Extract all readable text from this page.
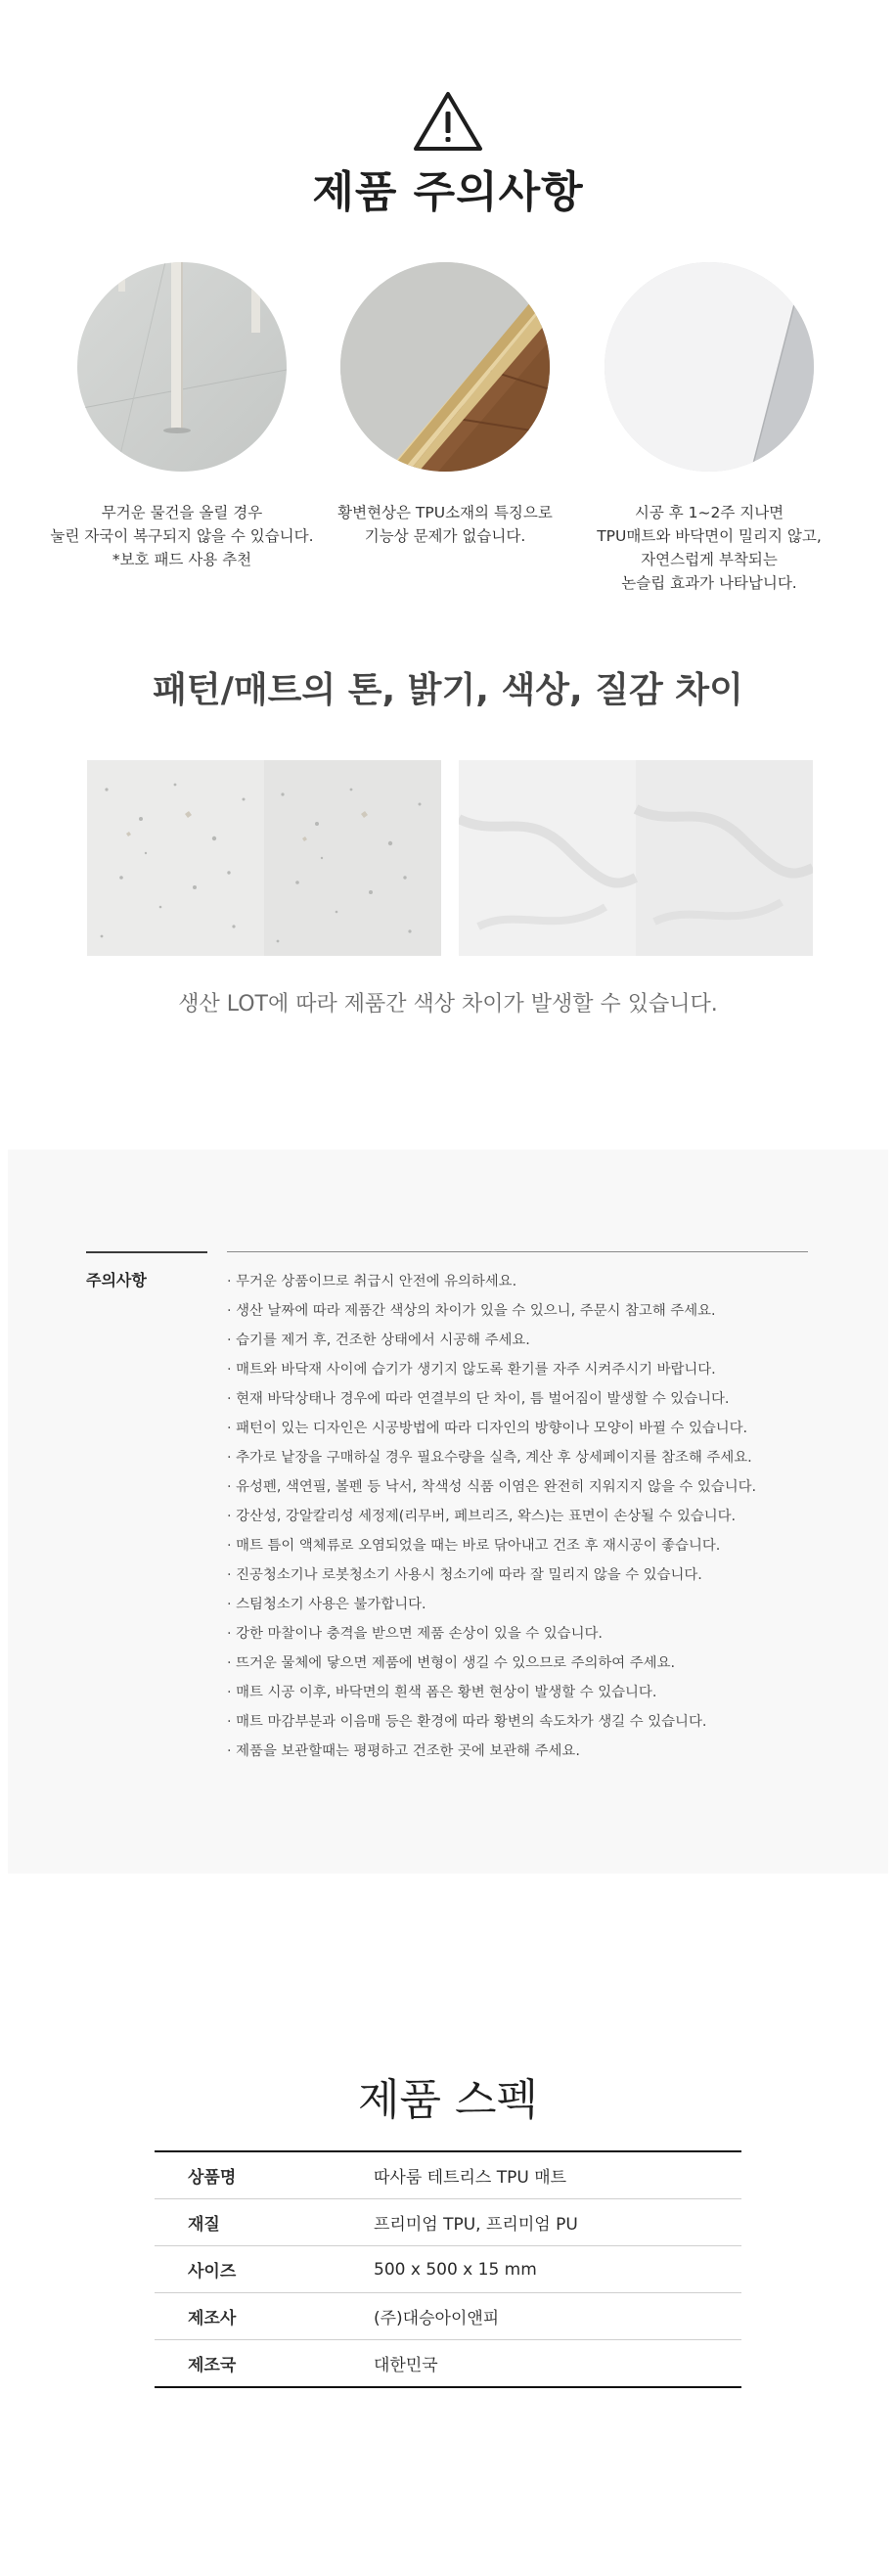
제품 주의사항
무거운 물건을 올릴 경우
눌린 자국이 복구되지 않을 수 있습니다.
*보호 패드 사용 추천
황변현상은 TPU소재의 특징으로
기능상 문제가 없습니다.
시공 후 1~2주 지나면
TPU매트와 바닥면이 밀리지 않고,
자연스럽게 부착되는
논슬립 효과가 나타납니다.
패턴/매트의 톤, 밝기, 색상, 질감 차이
생산 LOT에 따라 제품간 색상 차이가 발생할 수 있습니다.
주의사항	· 무거운 상품이므로 취급시 안전에 유의하세요.
· 생산 날짜에 따라 제품간 색상의 차이가 있을 수 있으니, 주문시 참고해 주세요.
· 습기를 제거 후, 건조한 상태에서 시공해 주세요.
· 매트와 바닥재 사이에 습기가 생기지 않도록 환기를 자주 시켜주시기 바랍니다.
· 현재 바닥상태나 경우에 따라 연결부의 단 차이, 틈 벌어짐이 발생할 수 있습니다.
· 패턴이 있는 디자인은 시공방법에 따라 디자인의 방향이나 모양이 바뀔 수 있습니다.
· 추가로 낱장을 구매하실 경우 필요수량을 실측, 계산 후 상세페이지를 참조해 주세요.
· 유성펜, 색연필, 볼펜 등 낙서, 착색성 식품 이염은 완전히 지워지지 않을 수 있습니다.
· 강산성, 강알칼리성 세정제(리무버, 페브리즈, 왁스)는 표면이 손상될 수 있습니다.
· 매트 틈이 액체류로 오염되었을 때는 바로 닦아내고 건조 후 재시공이 좋습니다.
· 진공청소기나 로봇청소기 사용시 청소기에 따라 잘 밀리지 않을 수 있습니다.
· 스팀청소기 사용은 불가합니다.
· 강한 마찰이나 충격을 받으면 제품 손상이 있을 수 있습니다.
· 뜨거운 물체에 닿으면 제품에 변형이 생길 수 있으므로 주의하여 주세요.
· 매트 시공 이후, 바닥면의 흰색 폼은 황변 현상이 발생할 수 있습니다.
· 매트 마감부분과 이음매 등은 환경에 따라 황변의 속도차가 생길 수 있습니다.
· 제품을 보관할때는 평평하고 건조한 곳에 보관해 주세요.
제품 스펙
상품명	따사룸 테트리스 TPU 매트
재질	프리미엄 TPU, 프리미엄 PU
사이즈	500 x 500 x 15 mm
제조사	(주)대승아이앤피
제조국	대한민국
